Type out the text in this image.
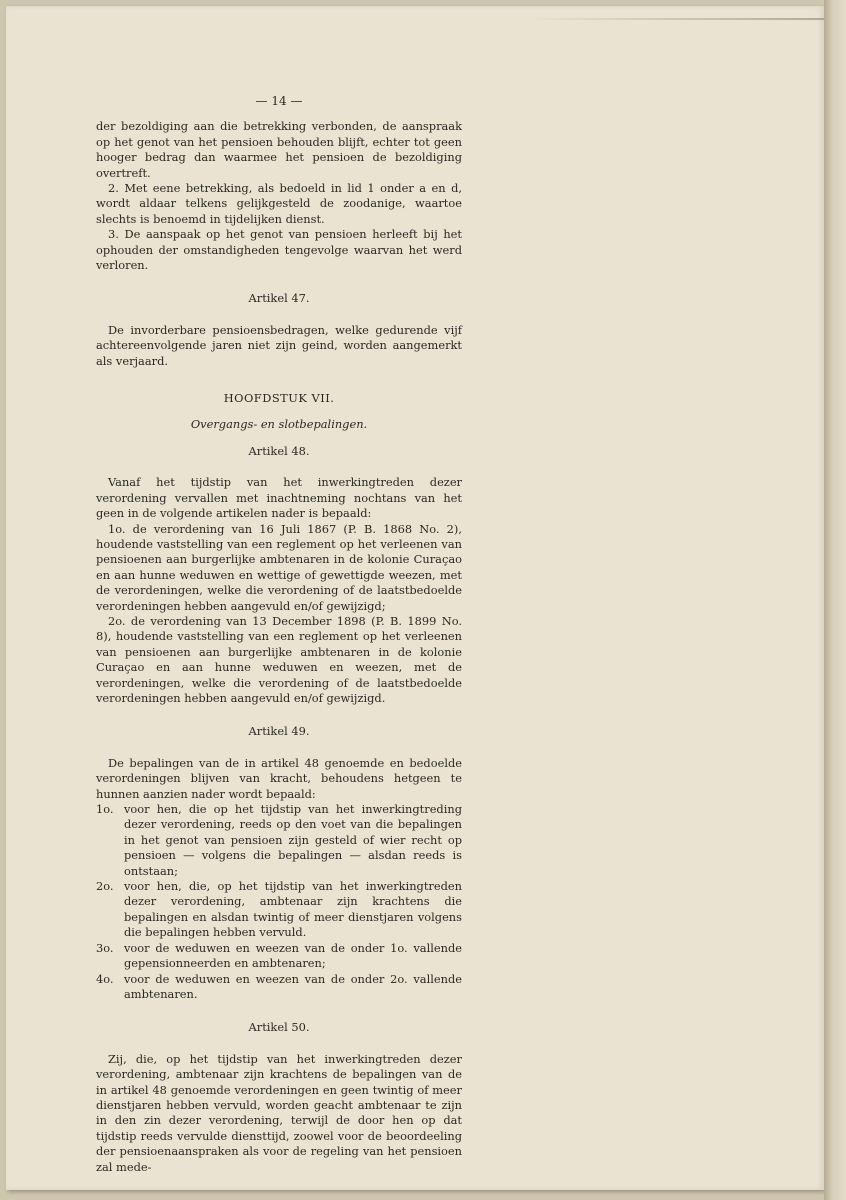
— 14 —

der bezoldiging aan die betrekking verbonden, de aanspraak op het genot van het pensioen behouden blijft, echter tot geen hooger bedrag dan waarmee het pensioen de bezoldiging overtreft.

2. Met eene betrekking, als bedoeld in lid 1 onder a en d, wordt aldaar telkens gelijkgesteld de zoodanige, waartoe slechts is benoemd in tijdelijken dienst.

3. De aanspaak op het genot van pensioen herleeft bij het ophouden der omstandigheden tengevolge waarvan het werd verloren.

Artikel 47.

De invorderbare pensioensbedragen, welke gedurende vijf achtereenvolgende jaren niet zijn geind, worden aangemerkt als verjaard.

HOOFDSTUK VII.

Overgangs- en slotbepalingen.

Artikel 48.

Vanaf het tijdstip van het inwerkingtreden dezer verordening vervallen met inachtneming nochtans van het geen in de volgende artikelen nader is bepaald:

1o. de verordening van 16 Juli 1867 (P. B. 1868 No. 2), houdende vaststelling van een reglement op het verleenen van pensioenen aan burgerlijke ambtenaren in de kolonie Curaçao en aan hunne weduwen en wettige of gewettigde weezen, met de verordeningen, welke die verordening of de laatstbedoelde verordeningen hebben aangevuld en/of gewijzigd;

2o. de verordening van 13 December 1898 (P. B. 1899 No. 8), houdende vaststelling van een reglement op het verleenen van pensioenen aan burgerlijke ambtenaren in de kolonie Curaçao en aan hunne weduwen en weezen, met de verordeningen, welke die verordening of de laatstbedoelde verordeningen hebben aangevuld en/of gewijzigd.

Artikel 49.

De bepalingen van de in artikel 48 genoemde en bedoelde verordeningen blijven van kracht, behoudens hetgeen te hunnen aanzien nader wordt bepaald:

1o. voor hen, die op het tijdstip van het inwerkingtreding dezer verordening, reeds op den voet van die bepalingen in het genot van pensioen zijn gesteld of wier recht op pensioen — volgens die bepalingen — alsdan reeds is ontstaan;
2o. voor hen, die, op het tijdstip van het inwerkingtreden dezer verordening, ambtenaar zijn krachtens die bepalingen en alsdan twintig of meer dienstjaren volgens die bepalingen hebben vervuld.
3o. voor de weduwen en weezen van de onder 1o. vallende gepensionneerden en ambtenaren;
4o. voor de weduwen en weezen van de onder 2o. vallende ambtenaren.

Artikel 50.

Zij, die, op het tijdstip van het inwerkingtreden dezer verordening, ambtenaar zijn krachtens de bepalingen van de in artikel 48 genoemde verordeningen en geen twintig of meer dienstjaren hebben vervuld, worden geacht ambtenaar te zijn in den zin dezer verordening, terwijl de door hen op dat tijdstip reeds vervulde diensttijd, zoowel voor de beoordeeling der pensioenaanspraken als voor de regeling van het pensioen zal mede-
